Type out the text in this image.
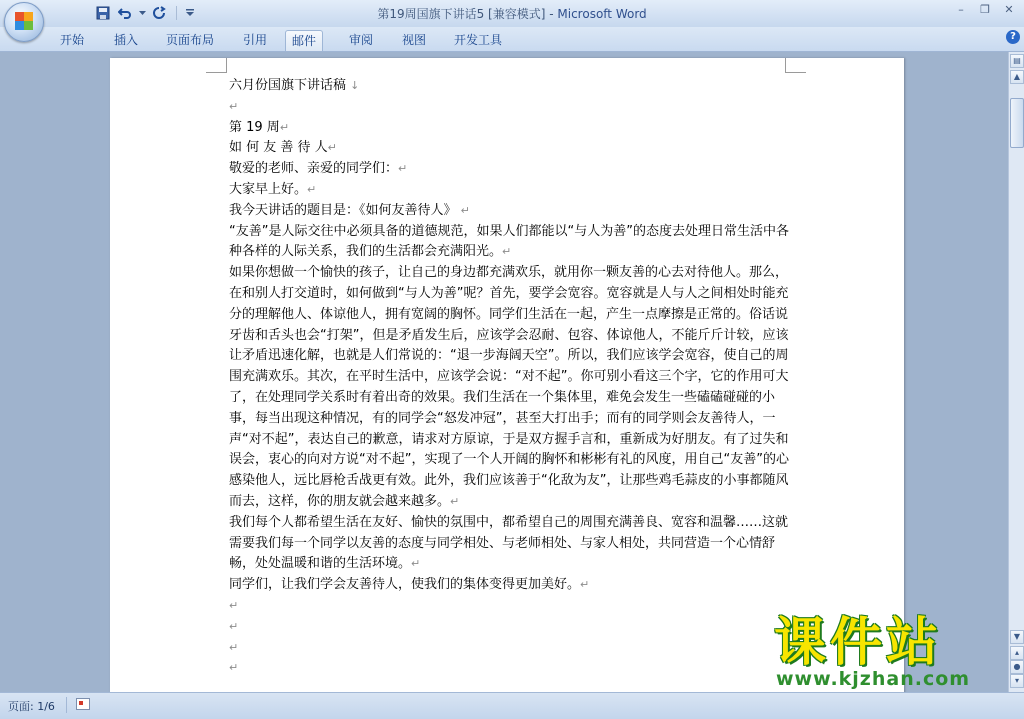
第19周国旗下讲话5 [兼容模式] - Microsoft Word	–	❐	✕
开始	插入	页面布局	引用	邮件	审阅	视图	开发工具	?

六月份国旗下讲话稿 ↓

↵

第 19 周↵

如 何 友 善 待 人↵

敬爱的老师、亲爱的同学们：↵

大家早上好。↵

我今天讲话的题目是：《如何友善待人》 ↵

“友善”是人际交往中必须具备的道德规范，如果人们都能以“与人为善”的态度去处理日常生活中各种各样的人际关系，我们的生活都会充满阳光。↵

如果你想做一个愉快的孩子，让自己的身边都充满欢乐，就用你一颗友善的心去对待他人。那么，在和别人打交道时，如何做到“与人为善”呢？首先，要学会宽容。宽容就是人与人之间相处时能充分的理解他人、体谅他人，拥有宽阔的胸怀。同学们生活在一起，产生一点摩擦是正常的。俗话说牙齿和舌头也会“打架”，但是矛盾发生后，应该学会忍耐、包容、体谅他人，不能斤斤计较，应该让矛盾迅速化解，也就是人们常说的：“退一步海阔天空”。所以，我们应该学会宽容，使自己的周围充满欢乐。其次，在平时生活中，应该学会说：“对不起”。你可别小看这三个字，它的作用可大了，在处理同学关系时有着出奇的效果。我们生活在一个集体里，难免会发生一些磕磕碰碰的小事，每当出现这种情况，有的同学会“怒发冲冠”，甚至大打出手；而有的同学则会友善待人，一声“对不起”，表达自己的歉意，请求对方原谅，于是双方握手言和，重新成为好朋友。有了过失和误会，衷心的向对方说“对不起”，实现了一个人开阔的胸怀和彬彬有礼的风度，用自己“友善”的心感染他人，远比唇枪舌战更有效。此外，我们应该善于“化敌为友”，让那些鸡毛蒜皮的小事都随风而去，这样，你的朋友就会越来越多。↵

我们每个人都希望生活在友好、愉快的氛围中，都希望自己的周围充满善良、宽容和温馨……这就需要我们每一个同学以友善的态度与同学相处、与老师相处、与家人相处，共同营造一个心情舒畅，处处温暖和谐的生活环境。↵

同学们，让我们学会友善待人，使我们的集体变得更加美好。↵

↵

↵

↵

↵

▤
▲
▼
▴
●
▾
页面: 1/6
课件站
www.kjzhan.com
